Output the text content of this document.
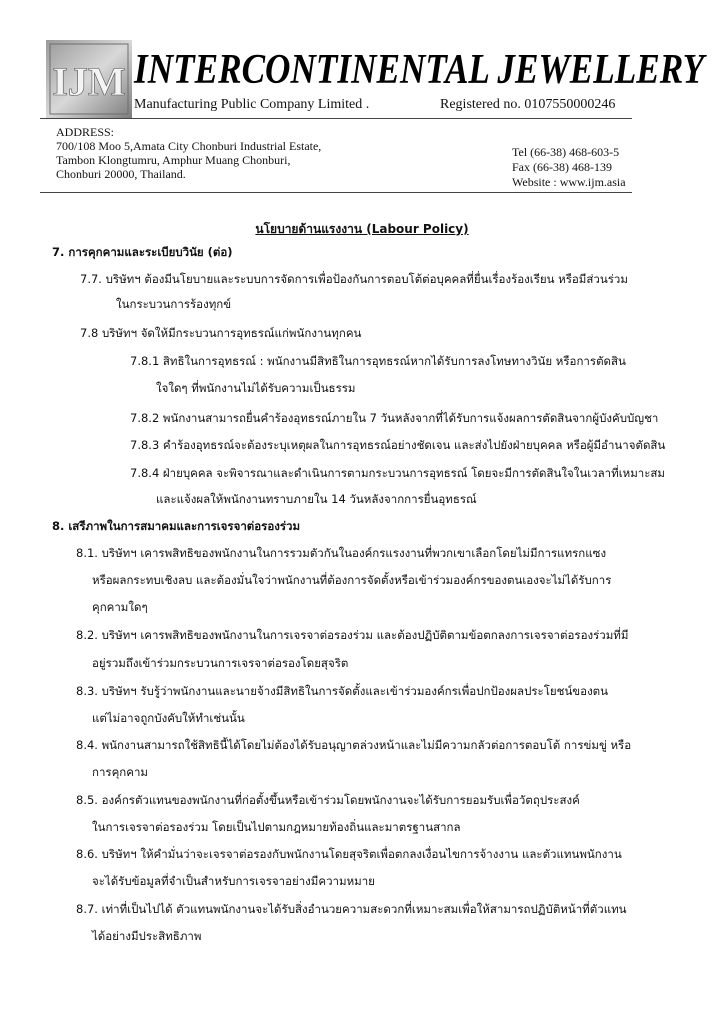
IJM INTERCONTINENTAL JEWELLERY
Manufacturing Public Company Limited .	Registered no. 0107550000246
ADDRESS:
700/108 Moo 5,Amata City Chonburi Industrial Estate,
Tambon Klongtumru, Amphur Muang Chonburi,
Chonburi 20000, Thailand.
Tel (66-38) 468-603-5
Fax (66-38) 468-139
Website : www.ijm.asia
นโยบายด้านแรงงาน (Labour Policy)
7. การคุกคามและระเบียบวินัย (ต่อ)
7.7. บริษัทฯ ต้องมีนโยบายและระบบการจัดการเพื่อป้องกันการตอบโต้ต่อบุคคลที่ยื่นเรื่องร้องเรียน หรือมีส่วนร่วม
ในกระบวนการร้องทุกข์
7.8 บริษัทฯ จัดให้มีกระบวนการอุทธรณ์แก่พนักงานทุกคน
7.8.1 สิทธิในการอุทธรณ์ : พนักงานมีสิทธิในการอุทธรณ์หากได้รับการลงโทษทางวินัย หรือการตัดสิน
ใจใดๆ ที่พนักงานไม่ได้รับความเป็นธรรม
7.8.2 พนักงานสามารถยื่นคำร้องอุทธรณ์ภายใน 7 วันหลังจากที่ได้รับการแจ้งผลการตัดสินจากผู้บังคับบัญชา
7.8.3 คำร้องอุทธรณ์จะต้องระบุเหตุผลในการอุทธรณ์อย่างชัดเจน และส่งไปยังฝ่ายบุคคล หรือผู้มีอำนาจตัดสิน
7.8.4 ฝ่ายบุคคล จะพิจารณาและดำเนินการตามกระบวนการอุทธรณ์ โดยจะมีการตัดสินใจในเวลาที่เหมาะสม
และแจ้งผลให้พนักงานทราบภายใน 14 วันหลังจากการยื่นอุทธรณ์
8. เสรีภาพในการสมาคมและการเจรจาต่อรองร่วม
8.1. บริษัทฯ เคารพสิทธิของพนักงานในการรวมตัวกันในองค์กรแรงงานที่พวกเขาเลือกโดยไม่มีการแทรกแซง
หรือผลกระทบเชิงลบ และต้องมั่นใจว่าพนักงานที่ต้องการจัดตั้งหรือเข้าร่วมองค์กรของตนเองจะไม่ได้รับการ
คุกคามใดๆ
8.2. บริษัทฯ เคารพสิทธิของพนักงานในการเจรจาต่อรองร่วม และต้องปฏิบัติตามข้อตกลงการเจรจาต่อรองร่วมที่มี
อยู่รวมถึงเข้าร่วมกระบวนการเจรจาต่อรองโดยสุจริต
8.3. บริษัทฯ รับรู้ว่าพนักงานและนายจ้างมีสิทธิในการจัดตั้งและเข้าร่วมองค์กรเพื่อปกป้องผลประโยชน์ของตน
แต่ไม่อาจถูกบังคับให้ทำเช่นนั้น
8.4. พนักงานสามารถใช้สิทธินี้ได้โดยไม่ต้องได้รับอนุญาตล่วงหน้าและไม่มีความกลัวต่อการตอบโต้ การข่มขู่ หรือ
การคุกคาม
8.5. องค์กรตัวแทนของพนักงานที่ก่อตั้งขึ้นหรือเข้าร่วมโดยพนักงานจะได้รับการยอมรับเพื่อวัตถุประสงค์
ในการเจรจาต่อรองร่วม โดยเป็นไปตามกฎหมายท้องถิ่นและมาตรฐานสากล
8.6. บริษัทฯ ให้คำมั่นว่าจะเจรจาต่อรองกับพนักงานโดยสุจริตเพื่อตกลงเงื่อนไขการจ้างงาน และตัวแทนพนักงาน
จะได้รับข้อมูลที่จำเป็นสำหรับการเจรจาอย่างมีความหมาย
8.7. เท่าที่เป็นไปได้ ตัวแทนพนักงานจะได้รับสิ่งอำนวยความสะดวกที่เหมาะสมเพื่อให้สามารถปฏิบัติหน้าที่ตัวแทน
ได้อย่างมีประสิทธิภาพ
